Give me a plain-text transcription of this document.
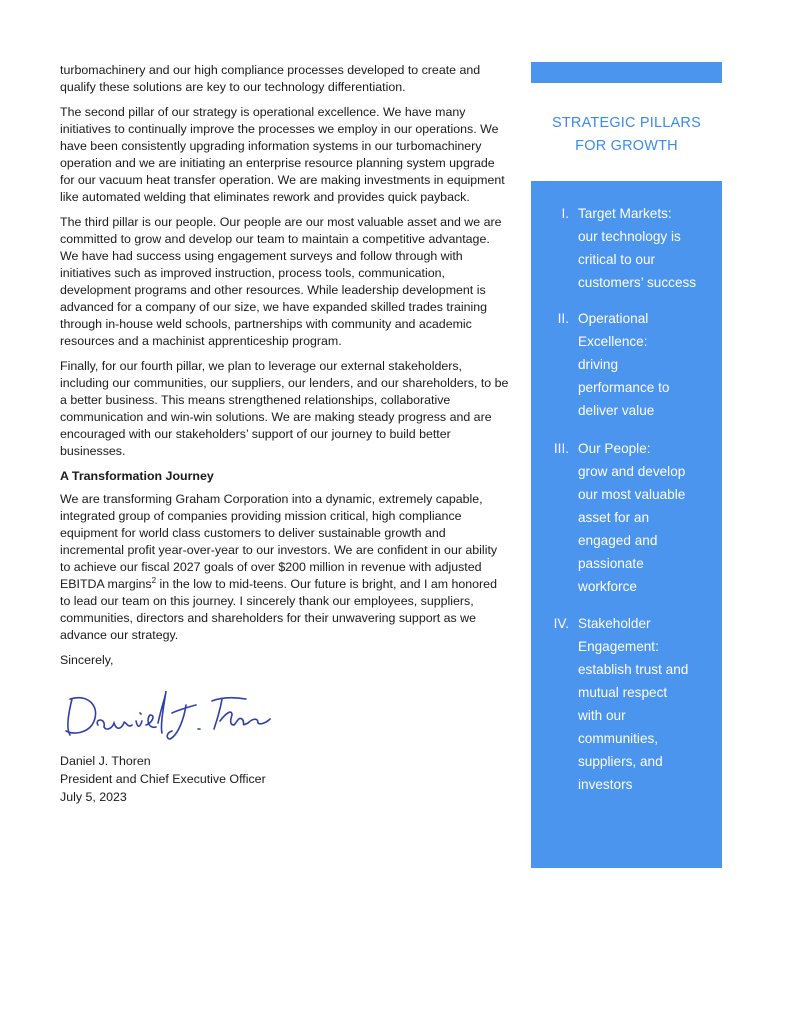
turbomachinery and our high compliance processes developed to create and qualify these solutions are key to our technology differentiation.

The second pillar of our strategy is operational excellence. We have many initiatives to continually improve the processes we employ in our operations. We have been consistently upgrading information systems in our turbomachinery operation and we are initiating an enterprise resource planning system upgrade for our vacuum heat transfer operation. We are making investments in equipment like automated welding that eliminates rework and provides quick payback.

The third pillar is our people. Our people are our most valuable asset and we are committed to grow and develop our team to maintain a competitive advantage. We have had success using engagement surveys and follow through with initiatives such as improved instruction, process tools, communication, development programs and other resources. While leadership development is advanced for a company of our size, we have expanded skilled trades training through in-house weld schools, partnerships with community and academic resources and a machinist apprenticeship program.

Finally, for our fourth pillar, we plan to leverage our external stakeholders, including our communities, our suppliers, our lenders, and our shareholders, to be a better business. This means strengthened relationships, collaborative communication and win-win solutions. We are making steady progress and are encouraged with our stakeholders’ support of our journey to build better businesses.

A Transformation Journey

We are transforming Graham Corporation into a dynamic, extremely capable, integrated group of companies providing mission critical, high compliance equipment for world class customers to deliver sustainable growth and incremental profit year-over-year to our investors. We are confident in our ability to achieve our fiscal 2027 goals of over $200 million in revenue with adjusted EBITDA margins$^2$ in the low to mid-teens. Our future is bright, and I am honored to lead our team on this journey. I sincerely thank our employees, suppliers, communities, directors and shareholders for their unwavering support as we advance our strategy.

Sincerely,

Daniel J. Thoren
Daniel J. Thoren
President and Chief Executive Officer
July 5, 2023
STRATEGIC PILLARS
FOR GROWTH
I. Target Markets:
our technology is
critical to our
customers’ success
II. Operational
Excellence:
driving
performance to
deliver value
III. Our People:
grow and develop
our most valuable
asset for an
engaged and
passionate
workforce
IV. Stakeholder
Engagement:
establish trust and
mutual respect
with our
communities,
suppliers, and
investors
